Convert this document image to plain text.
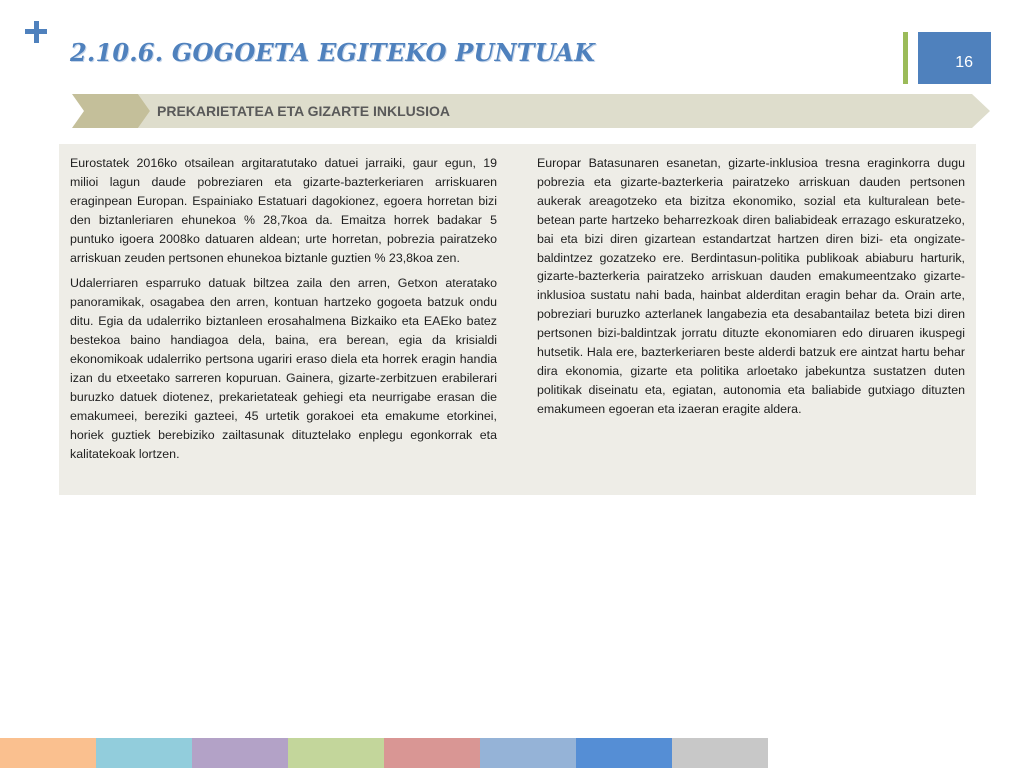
2.10.6. GOGOETA EGITEKO PUNTUAK	16
PREKARIETATEA ETA GIZARTE INKLUSIOA

Eurostatek 2016ko otsailean argitaratutako datuei jarraiki, gaur egun, 19 milioi lagun daude pobreziaren eta gizarte-bazterkeriaren arriskuaren eraginpean Europan. Espainiako Estatuari dagokionez, egoera horretan bizi den biztanleriaren ehunekoa % 28,7koa da. Emaitza horrek badakar 5 puntuko igoera 2008ko datuaren aldean; urte horretan, pobrezia pairatzeko arriskuan zeuden pertsonen ehunekoa biztanle guztien % 23,8koa zen.

Udalerriaren esparruko datuak biltzea zaila den arren, Getxon ateratako panoramikak, osagabea den arren, kontuan hartzeko gogoeta batzuk ondu ditu. Egia da udalerriko biztanleen erosahalmena Bizkaiko eta EAEko batez bestekoa baino handiagoa dela, baina, era berean, egia da krisialdi ekonomikoak udalerriko pertsona ugariri eraso diela eta horrek eragin handia izan du etxeetako sarreren kopuruan. Gainera, gizarte-zerbitzuen erabilerari buruzko datuek diotenez, prekarietateak gehiegi eta neurrigabe erasan die emakumeei, bereziki gazteei, 45 urtetik gorakoei eta emakume etorkinei, horiek guztiek berebiziko zailtasunak dituztelako enplegu egonkorrak eta kalitatekoak lortzen.

Europar Batasunaren esanetan, gizarte-inklusioa tresna eraginkorra dugu pobrezia eta gizarte-bazterkeria pairatzeko arriskuan dauden pertsonen aukerak areagotzeko eta bizitza ekonomiko, sozial eta kulturalean bete-betean parte hartzeko beharrezkoak diren baliabideak errazago eskuratzeko, bai eta bizi diren gizartean estandartzat hartzen diren bizi- eta ongizate-baldintzez gozatzeko ere. Berdintasun-politika publikoak abiaburu harturik, gizarte-bazterkeria pairatzeko arriskuan dauden emakumeentzako gizarte-inklusioa sustatu nahi bada, hainbat alderditan eragin behar da. Orain arte, pobreziari buruzko azterlanek langabezia eta desabantailaz beteta bizi diren pertsonen bizi-baldintzak jorratu dituzte ekonomiaren edo diruaren ikuspegi hutsetik. Hala ere, bazterkeriaren beste alderdi batzuk ere aintzat hartu behar dira ekonomia, gizarte eta politika arloetako jabekuntza sustatzen duten politikak diseinatu eta, egiatan, autonomia eta baliabide gutxiago dituzten emakumeen egoeran eta izaeran eragite aldera.
